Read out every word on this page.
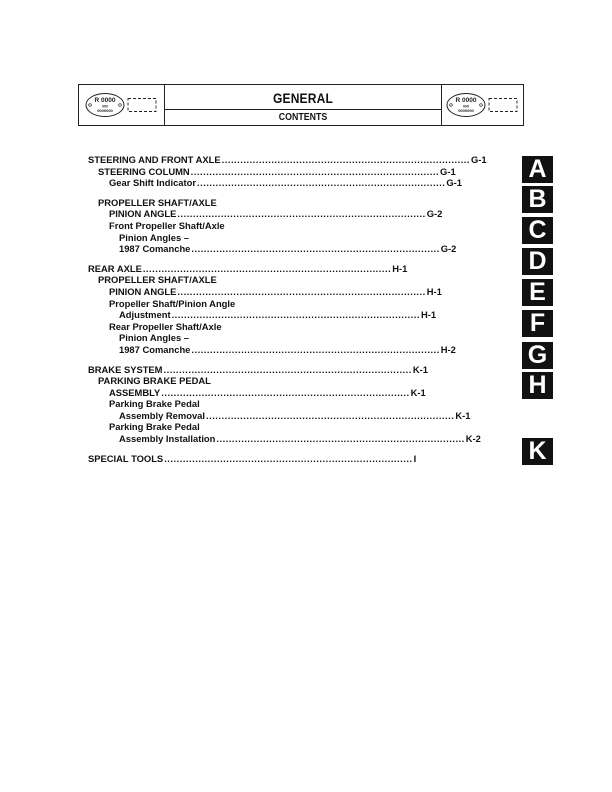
R 0000
000
0000000
GENERAL
CONTENTS
R 0000
000
0000000
STEERING AND FRONT AXLE ................................................................................ G-1
STEERING COLUMN ................................................................................ G-1
Gear Shift Indicator ................................................................................ G-1
PROPELLER SHAFT/AXLE
PINION ANGLE ................................................................................ G-2
Front Propeller Shaft/Axle
Pinion Angles –
1987 Comanche ................................................................................ G-2
REAR AXLE ................................................................................ H-1
PROPELLER SHAFT/AXLE
PINION ANGLE ................................................................................ H-1
Propeller Shaft/Pinion Angle
Adjustment ................................................................................ H-1
Rear Propeller Shaft/Axle
Pinion Angles –
1987 Comanche ................................................................................ H-2
BRAKE SYSTEM ................................................................................ K-1
PARKING BRAKE PEDAL
ASSEMBLY ................................................................................ K-1
Parking Brake Pedal
Assembly Removal ................................................................................ K-1
Parking Brake Pedal
Assembly Installation ................................................................................ K-2
SPECIAL TOOLS ................................................................................ I
A
B
C
D
E
F
G
H
K
